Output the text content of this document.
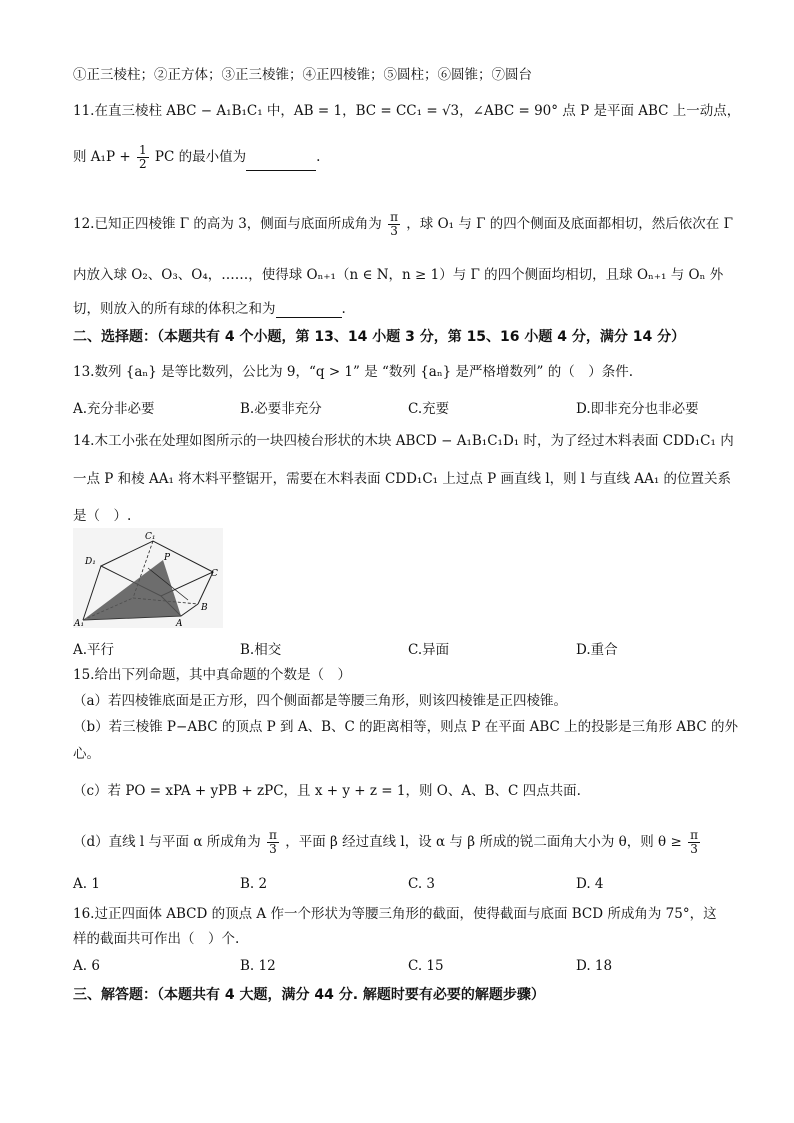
①正三棱柱；②正方体；③正三棱锥；④正四棱锥；⑤圆柱；⑥圆锥；⑦圆台
11.在直三棱柱 ABC − A₁B₁C₁ 中，AB = 1，BC = CC₁ = √3，∠ABC = 90° 点 P 是平面 ABC 上一动点，
则 $A_1P + \frac{1}{2}$ PC 的最小值为	.
12.已知正四棱锥 Γ 的高为 3，侧面与底面所成角为 $\frac{\pi}{3}$ ，球 O₁ 与 Γ 的四个侧面及底面都相切，然后依次在 Γ
内放入球 O₂、O₃、O₄，……，使得球 Oₙ₊₁（n ∈ N，n ≥ 1）与 Γ 的四个侧面均相切，且球 Oₙ₊₁ 与 Oₙ 外
切，则放入的所有球的体积之和为	.
二、选择题：（本题共有 4 个小题，第 13、14 小题 3 分，第 15、16 小题 4 分，满分 14 分）
13.数列 {aₙ} 是等比数列，公比为 9，“q > 1” 是 “数列 {aₙ} 是严格增数列” 的（　）条件.
A.充分非必要	B.必要非充分	C.充要	D.即非充分也非必要
14.木工小张在处理如图所示的一块四棱台形状的木块 ABCD − A₁B₁C₁D₁ 时，为了经过木料表面 CDD₁C₁ 内
一点 P 和棱 AA₁ 将木料平整锯开，需要在木料表面 CDD₁C₁ 上过点 P 画直线 l，则 l 与直线 AA₁ 的位置关系
是（　）.
C₁
D₁	P
C
A₁
B
A
A.平行	B.相交	C.异面	D.重合
15.给出下列命题，其中真命题的个数是（　）
（a）若四棱锥底面是正方形，四个侧面都是等腰三角形，则该四棱锥是正四棱锥。
（b）若三棱锥 P−ABC 的顶点 P 到 A、B、C 的距离相等，则点 P 在平面 ABC 上的投影是三角形 ABC 的外
心。
（c）若 PO = xPA + yPB + zPC，且 x + y + z = 1，则 O、A、B、C 四点共面.
（d）直线 l 与平面 α 所成角为 $\frac{\pi}{3}$ ，平面 β 经过直线 l，设 α 与 β 所成的锐二面角大小为 θ，则 $\theta \ge \frac{\pi}{3}$
A. 1	B. 2	C. 3	D. 4
16.过正四面体 ABCD 的顶点 A 作一个形状为等腰三角形的截面，使得截面与底面 BCD 所成角为 75°，这
样的截面共可作出（　）个.
A. 6	B. 12	C. 15	D. 18
三、解答题：（本题共有 4 大题，满分 44 分. 解题时要有必要的解题步骤）
